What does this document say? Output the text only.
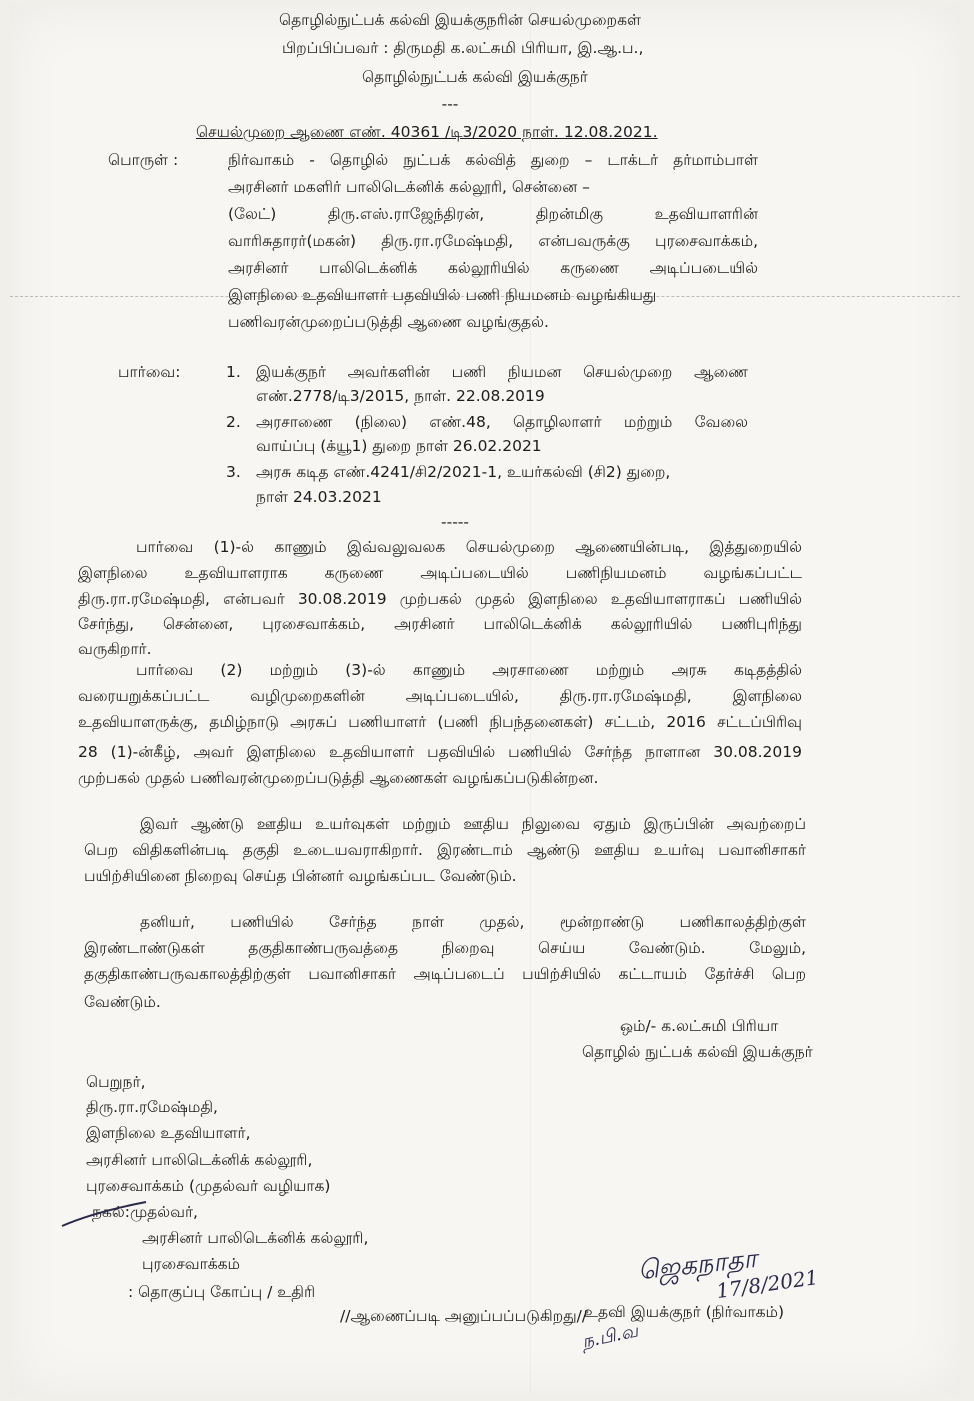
தொழில்நுட்பக் கல்வி இயக்குநரின் செயல்முறைகள்
பிறப்பிப்பவர் : திருமதி க.லட்சுமி பிரியா, இ.ஆ.ப.,
தொழில்நுட்பக் கல்வி இயக்குநர்
---
செயல்முறை ஆணை எண். 40361 /டி3/2020 நாள். 12.08.2021.
பொருள் :	நிர்வாகம் - தொழில் நுட்பக் கல்வித் துறை – டாக்டர் தர்மாம்பாள்
அரசினர் மகளிர் பாலிடெக்னிக் கல்லூரி, சென்னை –
(லேட்) திரு.எஸ்.ராஜேந்திரன், திறன்மிகு உதவியாளரின்
வாரிசுதாரர்(மகன்) திரு.ரா.ரமேஷ்மதி, என்பவருக்கு புரசைவாக்கம்,
அரசினர் பாலிடெக்னிக் கல்லூரியில் கருணை அடிப்படையில்
இளநிலை உதவியாளர் பதவியில் பணி நியமனம் வழங்கியது
பணிவரன்முறைப்படுத்தி ஆணை வழங்குதல்.
பார்வை:	1. இயக்குநர் அவர்களின் பணி நியமன செயல்முறை ஆணை
எண்.2778/டி3/2015, நாள். 22.08.2019
2. அரசாணை (நிலை) எண்.48, தொழிலாளர் மற்றும் வேலை
வாய்ப்பு (க்யூ1) துறை நாள் 26.02.2021
3. அரசு கடித எண்.4241/சி2/2021-1, உயர்கல்வி (சி2) துறை,
நாள் 24.03.2021
-----
பார்வை (1)-ல் காணும் இவ்வலுவலக செயல்முறை ஆணையின்படி, இத்துறையில்
இளநிலை உதவியாளராக கருணை அடிப்படையில் பணிநியமனம் வழங்கப்பட்ட
திரு.ரா.ரமேஷ்மதி, என்பவர் 30.08.2019 முற்பகல் முதல் இளநிலை உதவியாளராகப் பணியில்
சேர்ந்து, சென்னை, புரசைவாக்கம், அரசினர் பாலிடெக்னிக் கல்லூரியில் பணிபுரிந்து
வருகிறார்.
பார்வை (2) மற்றும் (3)-ல் காணும் அரசாணை மற்றும் அரசு கடிதத்தில்
வரையறுக்கப்பட்ட வழிமுறைகளின் அடிப்படையில், திரு.ரா.ரமேஷ்மதி, இளநிலை
உதவியாளருக்கு, தமிழ்நாடு அரசுப் பணியாளர் (பணி நிபந்தனைகள்) சட்டம், 2016 சட்டப்பிரிவு
28 (1)-ன்கீழ், அவர் இளநிலை உதவியாளர் பதவியில் பணியில் சேர்ந்த நாளான 30.08.2019
முற்பகல் முதல் பணிவரன்முறைப்படுத்தி ஆணைகள் வழங்கப்படுகின்றன.
இவர் ஆண்டு ஊதிய உயர்வுகள் மற்றும் ஊதிய நிலுவை ஏதும் இருப்பின் அவற்றைப்
பெற விதிகளின்படி தகுதி உடையவராகிறார். இரண்டாம் ஆண்டு ஊதிய உயர்வு பவானிசாகர்
பயிற்சியினை நிறைவு செய்த பின்னர் வழங்கப்பட வேண்டும்.
தனியர், பணியில் சேர்ந்த நாள் முதல், மூன்றாண்டு பணிகாலத்திற்குள்
இரண்டாண்டுகள் தகுதிகாண்பருவத்தை நிறைவு செய்ய வேண்டும். மேலும்,
தகுதிகாண்பருவகாலத்திற்குள் பவானிசாகர் அடிப்படைப் பயிற்சியில் கட்டாயம் தேர்ச்சி பெற
வேண்டும்.
ஒம்/- க.லட்சுமி பிரியா
தொழில் நுட்பக் கல்வி இயக்குநர்
பெறுநர்,
திரு.ரா.ரமேஷ்மதி,
இளநிலை உதவியாளர்,
அரசினர் பாலிடெக்னிக் கல்லூரி,
புரசைவாக்கம் (முதல்வர் வழியாக)
நகல்:முதல்வர்,
அரசினர் பாலிடெக்னிக் கல்லூரி,
புரசைவாக்கம்
: தொகுப்பு கோப்பு / உதிரி
//ஆணைப்படி அனுப்பப்படுகிறது//
ஜெகநாதா
17/8/2021
உதவி இயக்குநர் (நிர்வாகம்)
ந.பி.வ
